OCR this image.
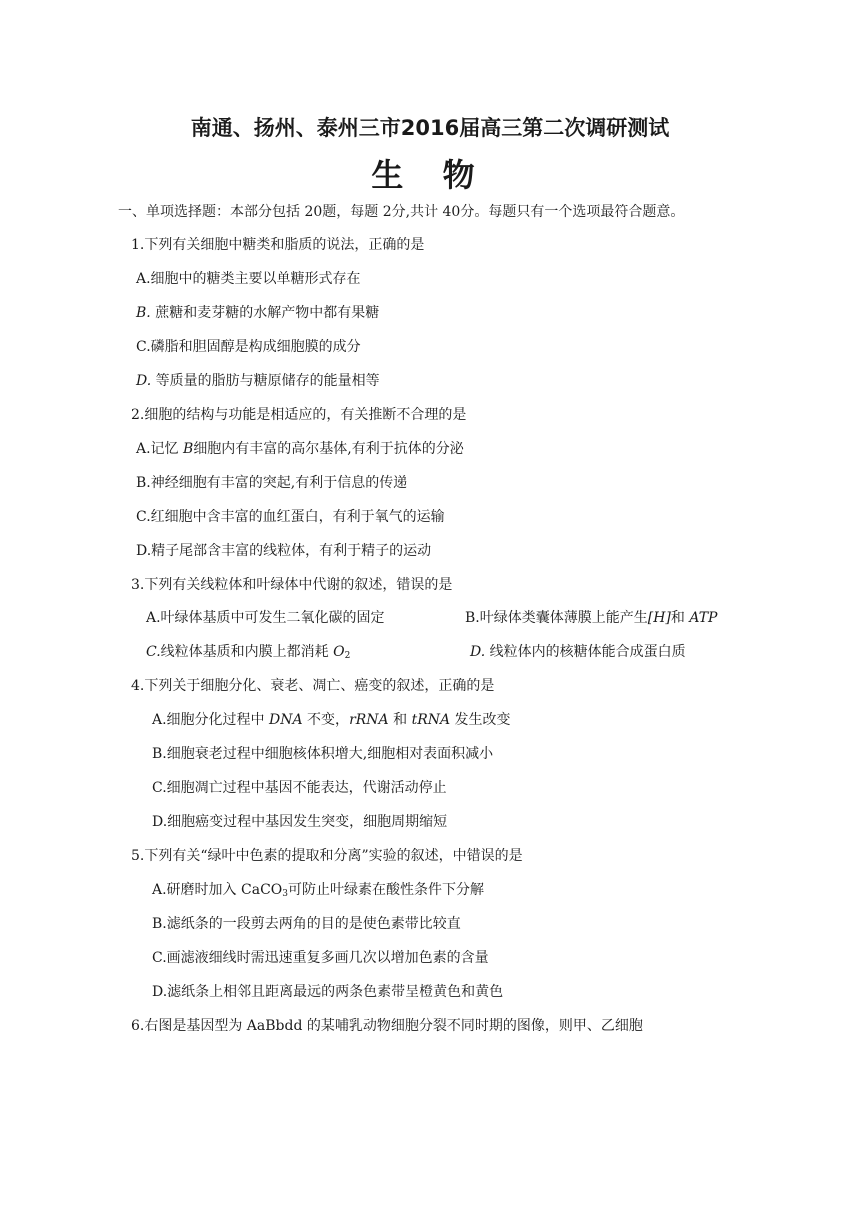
南通、扬州、泰州三市2016届高三第二次调研测试
生 物
一、单项选择题：本部分包括 20题，每题 2分,共计 40分。每题只有一个选项最符合题意。
1.下列有关细胞中糖类和脂质的说法，正确的是
A.细胞中的糖类主要以单糖形式存在
B. 蔗糖和麦芽糖的水解产物中都有果糖
C.磷脂和胆固醇是构成细胞膜的成分
D. 等质量的脂肪与糖原储存的能量相等
2.细胞的结构与功能是相适应的，有关推断不合理的是
A.记忆 B细胞内有丰富的高尔基体,有利于抗体的分泌
B.神经细胞有丰富的突起,有利于信息的传递
C.红细胞中含丰富的血红蛋白，有利于氧气的运输
D.精子尾部含丰富的线粒体，有利于精子的运动
3.下列有关线粒体和叶绿体中代谢的叙述，错误的是
A.叶绿体基质中可发生二氧化碳的固定	B.叶绿体类囊体薄膜上能产生[H]和 ATP
C.线粒体基质和内膜上都消耗 $O_2$	D. 线粒体内的核糖体能合成蛋白质
4.下列关于细胞分化、衰老、凋亡、癌变的叙述，正确的是
A.细胞分化过程中 DNA 不变，rRNA 和 tRNA 发生改变
B.细胞衰老过程中细胞核体积增大,细胞相对表面积减小
C.细胞凋亡过程中基因不能表达，代谢活动停止
D.细胞癌变过程中基因发生突变，细胞周期缩短
5.下列有关“绿叶中色素的提取和分离”实验的叙述，中错误的是
A.研磨时加入 CaCO$_3$可防止叶绿素在酸性条件下分解
B.滤纸条的一段剪去两角的目的是使色素带比较直
C.画滤液细线时需迅速重复多画几次以增加色素的含量
D.滤纸条上相邻且距离最远的两条色素带呈橙黄色和黄色
6.右图是基因型为 AaBbdd 的某哺乳动物细胞分裂不同时期的图像，则甲、乙细胞
